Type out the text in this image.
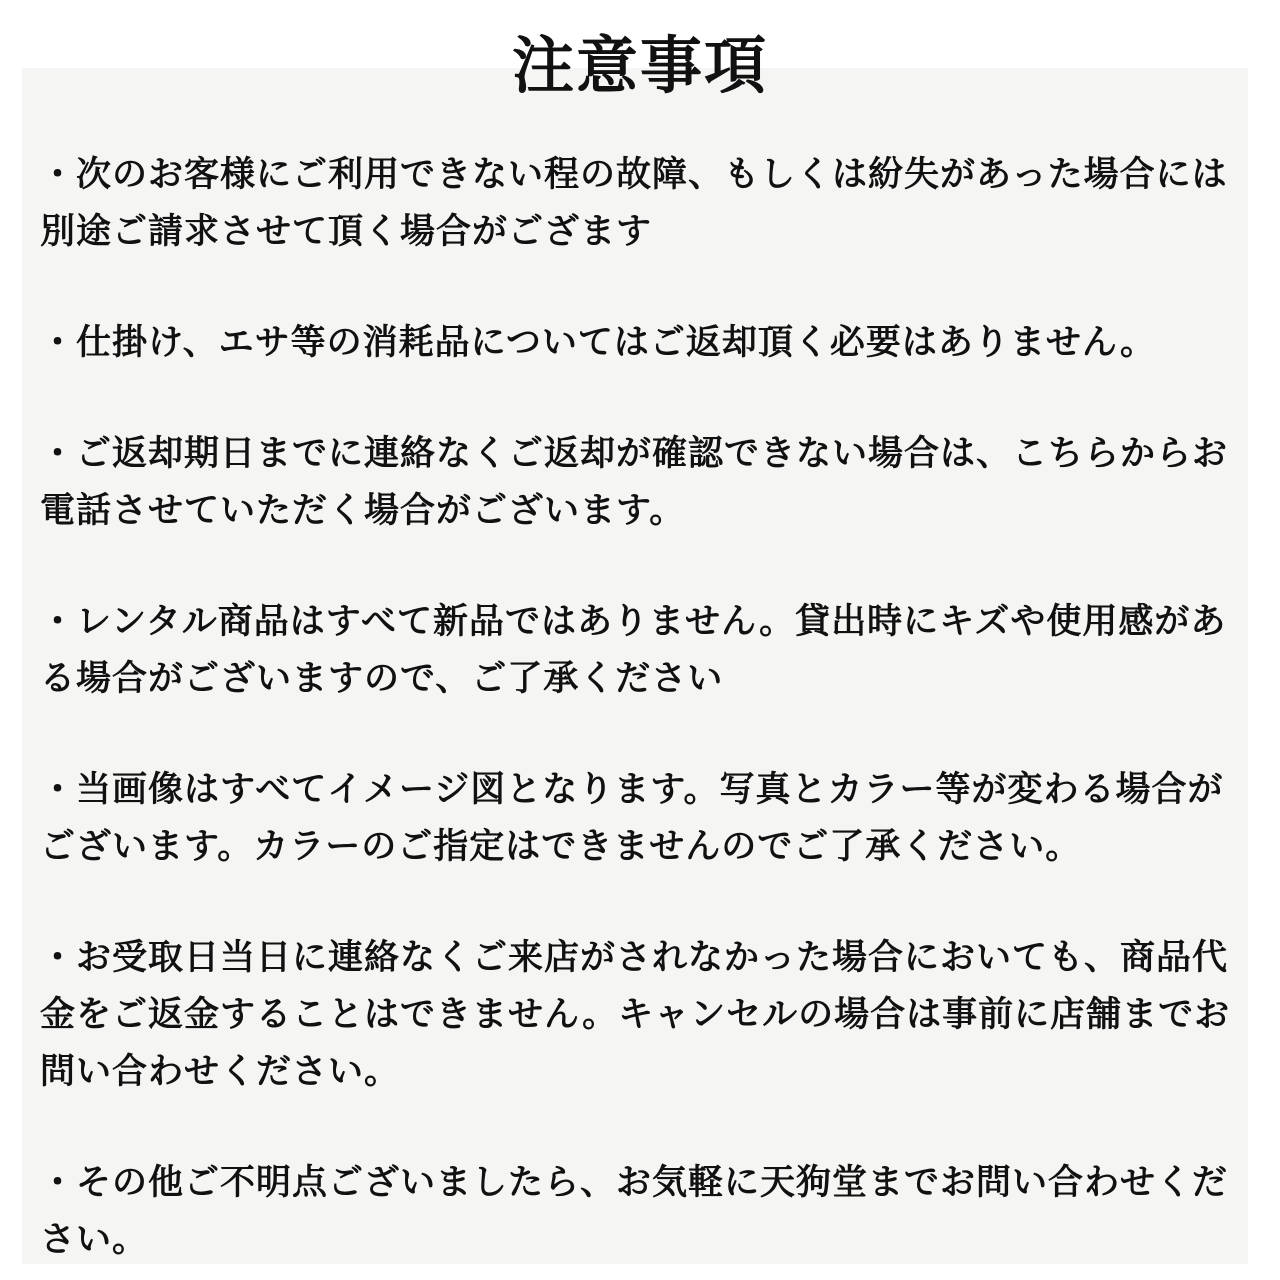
注意事項
・次のお客様にご利用できない程の故障、もしくは紛失があった場合には別途ご請求させて頂く場合がござます
・仕掛け、エサ等の消耗品についてはご返却頂く必要はありません。
・ご返却期日までに連絡なくご返却が確認できない場合は、こちらからお電話させていただく場合がございます。
・レンタル商品はすべて新品ではありません。貸出時にキズや使用感がある場合がございますので、ご了承ください
・当画像はすべてイメージ図となります。写真とカラー等が変わる場合がございます。カラーのご指定はできませんのでご了承ください。
・お受取日当日に連絡なくご来店がされなかった場合においても、商品代金をご返金することはできません。キャンセルの場合は事前に店舗までお問い合わせください。
・その他ご不明点ございましたら、お気軽に天狗堂までお問い合わせください。
